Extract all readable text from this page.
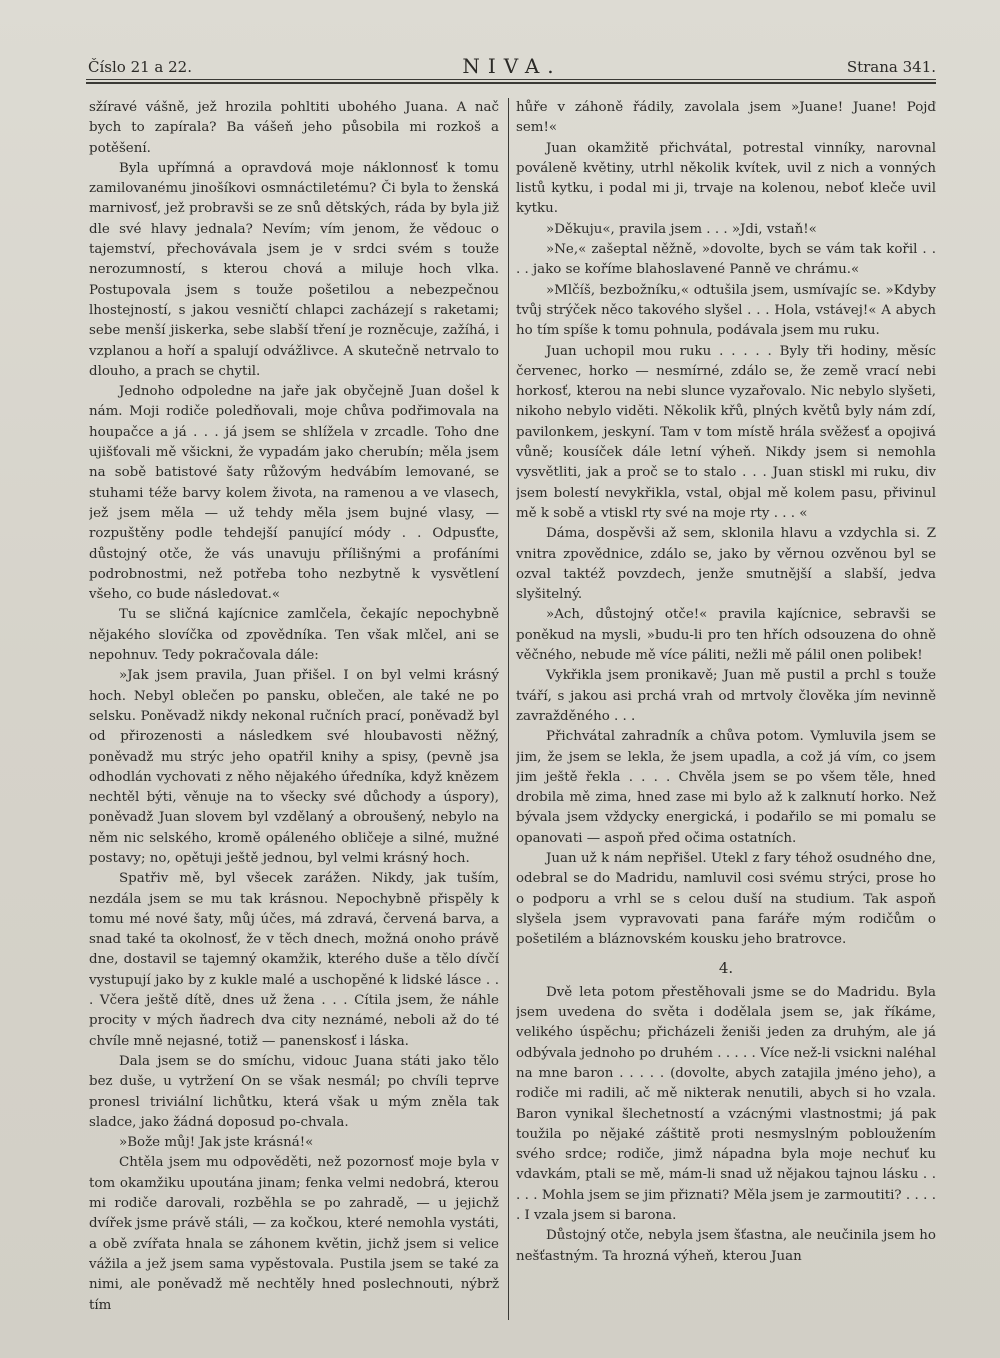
Číslo 21 a 22.	NIVA.	Strana 341.

sžíravé vášně, jež hrozila pohltiti ubohého Juana. A nač bych to zapírala? Ba vášeň jeho působila mi rozkoš a potěšení.

Byla upřímná a opravdová moje náklonnosť k tomu zamilovanému jinošíkovi osmnáctiletému? Či byla to ženská marnivosť, jež probravši se ze snů dětských, ráda by byla již dle své hlavy jednala? Nevím; vím jenom, že vědouc o tajemství, přechovávala jsem je v srdci svém s touže nerozumností, s kterou chová a miluje hoch vlka. Postupovala jsem s touže pošetilou a nebezpečnou lhostejností, s jakou vesničtí chlapci zacházejí s raketami; sebe menší jiskerka, sebe slabší tření je rozněcuje, zažíhá, i vzplanou a hoří a spalují odvážlivce. A skutečně netrvalo to dlouho, a prach se chytil.

Jednoho odpoledne na jaře jak obyčejně Juan došel k nám. Moji rodiče poledňovali, moje chůva podřimovala na houpačce a já . . . já jsem se shlížela v zrcadle. Toho dne ujišťovali mě všickni, že vypadám jako cherubín; měla jsem na sobě batistové šaty růžovým hedvábím lemované, se stuhami téže barvy kolem života, na ramenou a ve vlasech, jež jsem měla — už tehdy měla jsem bujné vlasy, — rozpuštěny podle tehdejší panující módy . . Odpusťte, důstojný otče, že vás unavuju přílišnými a profáními podrobnostmi, než potřeba toho nezbytně k vysvětlení všeho, co bude následovat.«

Tu se sličná kajícnice zamlčela, čekajíc nepochybně nějakého slovíčka od zpovědníka. Ten však mlčel, ani se nepohnuv. Tedy pokračovala dále:

»Jak jsem pravila, Juan přišel. I on byl velmi krásný hoch. Nebyl oblečen po pansku, oblečen, ale také ne po selsku. Poněvadž nikdy nekonal ručních prací, poněvadž byl od přirozenosti a následkem své hloubavosti něžný, poněvadž mu strýc jeho opatřil knihy a spisy, (pevně jsa odhodlán vychovati z něho nějakého úředníka, když knězem nechtěl býti, věnuje na to všecky své důchody a úspory), poněvadž Juan slovem byl vzdělaný a obroušený, nebylo na něm nic selského, kromě opáleného obličeje a silné, mužné postavy; no, opětuji ještě jednou, byl velmi krásný hoch.

Spatřiv mě, byl všecek zarážen. Nikdy, jak tuším, nezdála jsem se mu tak krásnou. Nepochybně přispěly k tomu mé nové šaty, můj účes, má zdravá, červená barva, a snad také ta okolnosť, že v těch dnech, možná onoho právě dne, dostavil se tajemný okamžik, kterého duše a tělo dívčí vystupují jako by z kukle malé a uschopěné k lidské lásce . . . Včera ještě dítě, dnes už žena . . . Cítila jsem, že náhle procity v mých ňadrech dva city neznámé, neboli až do té chvíle mně nejasné, totiž — panenskosť i láska.

Dala jsem se do smíchu, vidouc Juana státi jako tělo bez duše, u vytržení On se však nesmál; po chvíli teprve pronesl triviální lichůtku, která však u mým zněla tak sladce, jako žádná doposud po-chvala.

»Bože můj! Jak jste krásná!«

Chtěla jsem mu odpověděti, než pozornosť moje byla v tom okamžiku upoutána jinam; fenka velmi nedobrá, kterou mi rodiče darovali, rozběhla se po zahradě, — u jejichž dvířek jsme právě stáli, — za kočkou, které nemohla vystáti, a obě zvířata hnala se záhonem květin, jichž jsem si velice vážila a jež jsem sama vypěstovala. Pustila jsem se také za nimi, ale poněvadž mě nechtěly hned poslechnouti, nýbrž tím

hůře v záhoně řádily, zavolala jsem »Juane! Juane! Pojď sem!«

Juan okamžitě přichvátal, potrestal vinníky, narovnal pováleně květiny, utrhl několik kvítek, uvil z nich a vonných listů kytku, i podal mi ji, trvaje na kolenou, neboť kleče uvil kytku.

»Děkuju«, pravila jsem . . . »Jdi, vstaň!«

»Ne,« zašeptal něžně, »dovolte, bych se vám tak kořil . . . . jako se koříme blahoslavené Panně ve chrámu.«

»Mlčíš, bezbožníku,« odtušila jsem, usmívajíc se. »Kdyby tvůj strýček něco takového slyšel . . . Hola, vstávej!« A abych ho tím spíše k tomu pohnula, podávala jsem mu ruku.

Juan uchopil mou ruku . . . . . Byly tři hodiny, měsíc červenec, horko — nesmírné, zdálo se, že země vrací nebi horkosť, kterou na nebi slunce vyzařovalo. Nic nebylo slyšeti, nikoho nebylo viděti. Několik křů, plných květů byly nám zdí, pavilonkem, jeskyní. Tam v tom místě hrála svěžesť a opojivá vůně; kousíček dále letní výheň. Nikdy jsem si nemohla vysvětliti, jak a proč se to stalo . . . Juan stiskl mi ruku, div jsem bolestí nevykřikla, vstal, objal mě kolem pasu, přivinul mě k sobě a vtiskl rty své na moje rty . . . «

Dáma, dospěvši až sem, sklonila hlavu a vzdychla si. Z vnitra zpovědnice, zdálo se, jako by věrnou ozvěnou byl se ozval taktéž povzdech, jenže smutnější a slabší, jedva slyšitelný.

»Ach, důstojný otče!« pravila kajícnice, sebravši se poněkud na mysli, »budu-li pro ten hřích odsouzena do ohně věčného, nebude mě více páliti, nežli mě pálil onen polibek!

Vykřikla jsem pronikavě; Juan mě pustil a prchl s touže tváří, s jakou asi prchá vrah od mrtvoly člověka jím nevinně zavražděného . . .

Přichvátal zahradník a chůva potom. Vymluvila jsem se jim, že jsem se lekla, že jsem upadla, a což já vím, co jsem jim ještě řekla . . . . Chvěla jsem se po všem těle, hned drobila mě zima, hned zase mi bylo až k zalknutí horko. Než bývala jsem vždycky energická, i podařilo se mi pomalu se opanovati — aspoň před očima ostatních.

Juan už k nám nepřišel. Utekl z fary téhož osudného dne, odebral se do Madridu, namluvil cosi svému strýci, prose ho o podporu a vrhl se s celou duší na studium. Tak aspoň slyšela jsem vypravovati pana faráře mým rodičům o pošetilém a bláznovském kousku jeho bratrovce.

4.

Dvě leta potom přestěhovali jsme se do Madridu. Byla jsem uvedena do světa i dodělala jsem se, jak říkáme, velikého úspěchu; přicházeli ženiši jeden za druhým, ale já odbývala jednoho po druhém . . . . . Více než-li vsickni naléhal na mne baron . . . . . (dovolte, abych zatajila jméno jeho), a rodiče mi radili, ač mě nikterak nenutili, abych si ho vzala. Baron vynikal šlechetností a vzácnými vlastnostmi; já pak toužila po nějaké záštitě proti nesmyslným pobloužením svého srdce; rodiče, jimž nápadna byla moje nechuť ku vdavkám, ptali se mě, mám-li snad už nějakou tajnou lásku . . . . . Mohla jsem se jim přiznati? Měla jsem je zarmoutiti? . . . . . I vzala jsem si barona.

Důstojný otče, nebyla jsem šťastna, ale neučinila jsem ho nešťastným. Ta hrozná výheň, kterou Juan
